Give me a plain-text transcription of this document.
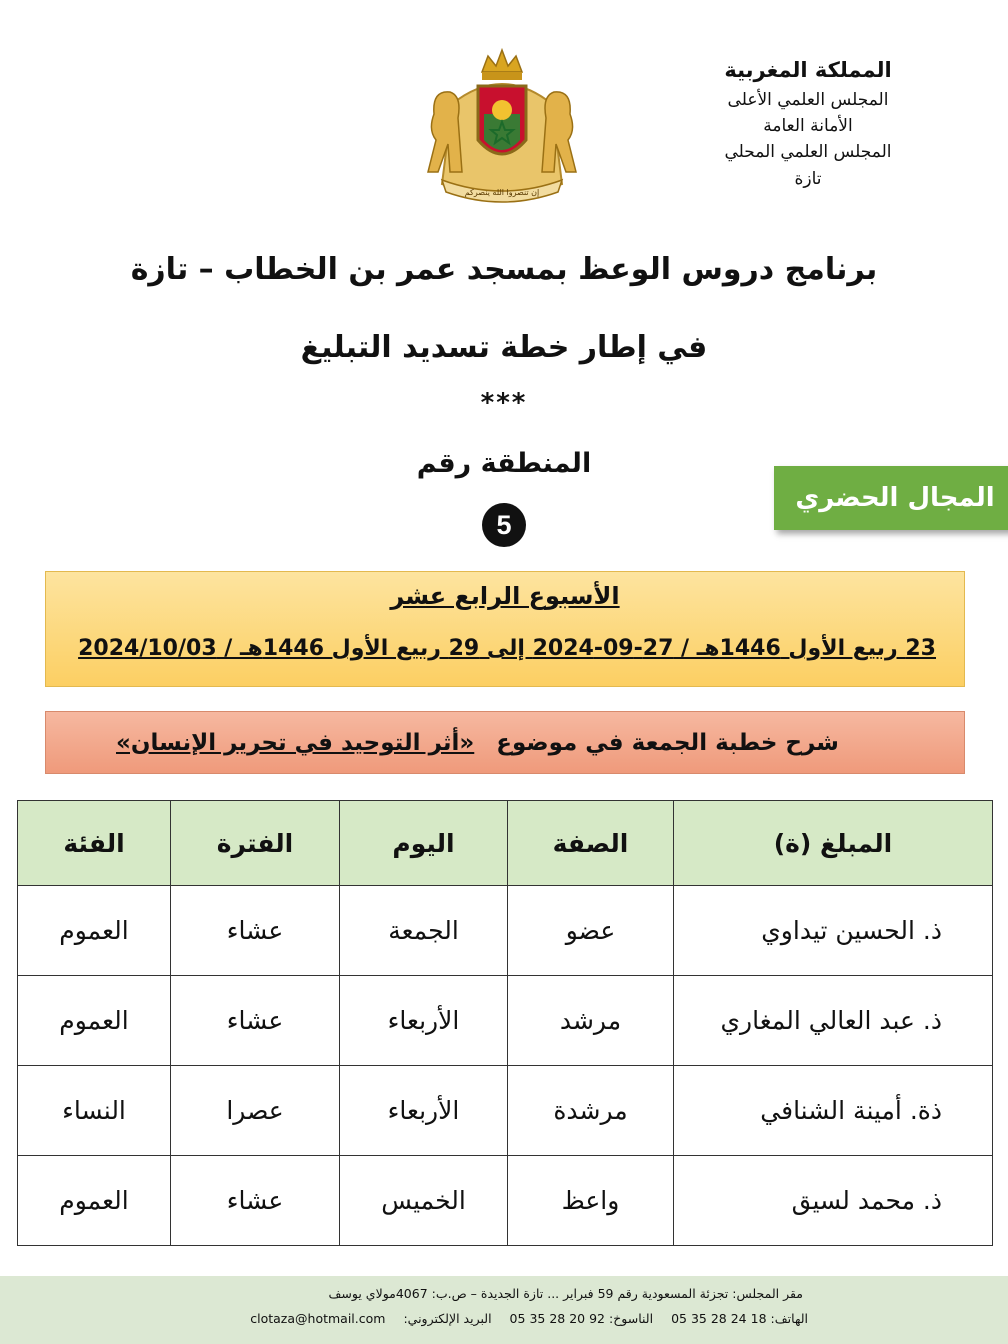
المملكة المغربية
المجلس العلمي الأعلى
الأمانة العامة
المجلس العلمي المحلي
تازة
إن تنصروا الله ينصركم
برنامج دروس الوعظ بمسجد عمر بن الخطاب – تازة
في إطار خطة تسديد التبليغ
***
المنطقة رقم
5
المجال الحضري
الأسبوع الرابع عشر
23 ربيع الأول 1446هـ / 27-09-2024 إلى 29 ربيع الأول 1446هـ / 2024/10/03
شرح خطبة الجمعة في موضوع
«أثر التوحيد في تحرير الإنسان»
المبلغ (ة)	الصفة	اليوم	الفترة	الفئة
ذ. الحسين تيداوي	عضو	الجمعة	عشاء	العموم
ذ. عبد العالي المغاري	مرشد	الأربعاء	عشاء	العموم
ذة. أمينة الشنافي	مرشدة	الأربعاء	عصرا	النساء
ذ. محمد لسيق	واعظ	الخميس	عشاء	العموم
مقر المجلس: تجزئة المسعودية رقم 59 فبراير ... تازة الجديدة – ص.ب: 4067مولاي يوسف
الهاتف: 18 24 28 35 05
الناسوخ: 92 20 28 35 05
البريد الإلكتروني:
clotaza@hotmail.com
